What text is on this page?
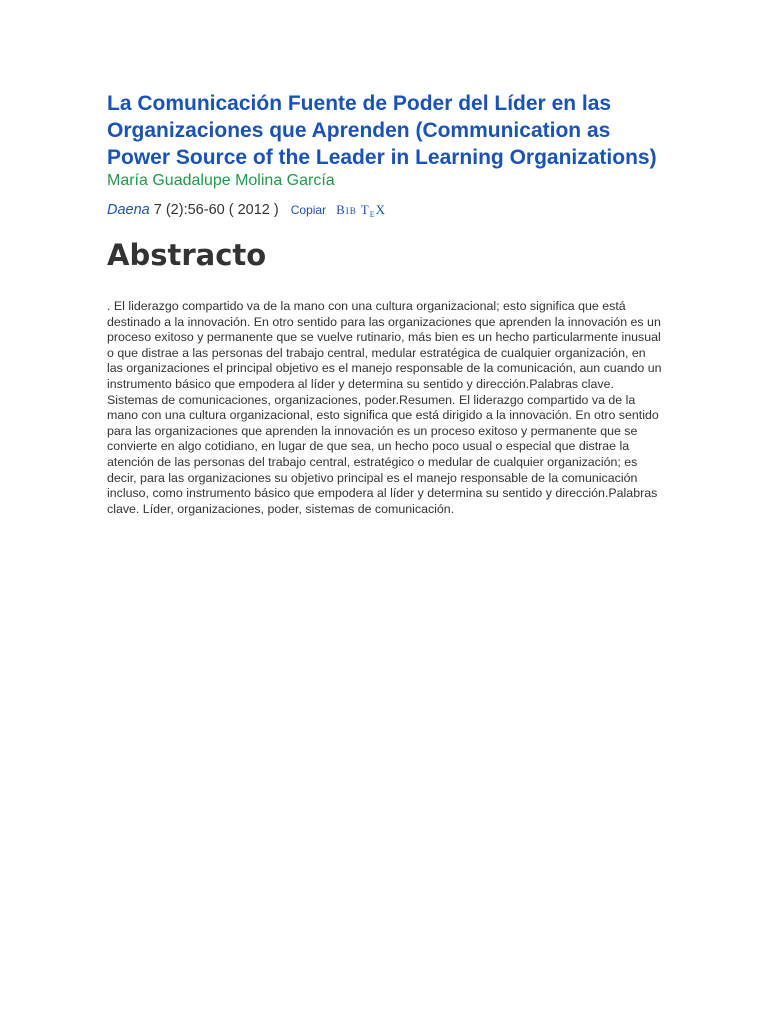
La Comunicación Fuente de Poder del Líder en las Organizaciones que Aprenden (Communication as Power Source of the Leader in Learning Organizations)
María Guadalupe Molina García
Daena 7 (2):56-60 ( 2012 ) Copiar BIB $T_EX$
Abstracto

. El liderazgo compartido va de la mano con una cultura organizacional; esto significa que está destinado a la innovación. En otro sentido para las organizaciones que aprenden la innovación es un proceso exitoso y permanente que se vuelve rutinario, más bien es un hecho particularmente inusual o que distrae a las personas del trabajo central, medular estratégica de cualquier organización, en las organizaciones el principal objetivo es el manejo responsable de la comunicación, aun cuando un instrumento básico que empodera al líder y determina su sentido y dirección.Palabras clave. Sistemas de comunicaciones, organizaciones, poder.Resumen. El liderazgo compartido va de la mano con una cultura organizacional, esto significa que está dirigido a la innovación. En otro sentido para las organizaciones que aprenden la innovación es un proceso exitoso y permanente que se convierte en algo cotidiano, en lugar de que sea, un hecho poco usual o especial que distrae la atención de las personas del trabajo central, estratégico o medular de cualquier organización; es decir, para las organizaciones su objetivo principal es el manejo responsable de la comunicación incluso, como instrumento básico que empodera al líder y determina su sentido y dirección.Palabras clave. Líder, organizaciones, poder, sistemas de comunicación.
